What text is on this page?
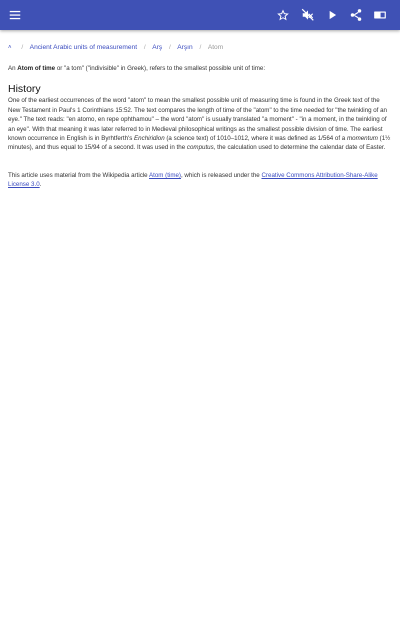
˄ / Ancient Arabic units of measurement / Arş / Arşın / Atom

An Atom of time or "a tom" ("indivisible" in Greek), refers to the smallest possible unit of time:

History

One of the earliest occurrences of the word "atom" to mean the smallest possible unit of measuring time is found in the Greek text of the New Testament in Paul's 1 Corinthians 15:52. The text compares the length of time of the "atom" to the time needed for "the twinkling of an eye." The text reads: "en atomo, en repe ophthamou" – the word "atom" is usually translated "a moment" - "in a moment, in the twinkling of an eye". With that meaning it was later referred to in Medieval philosophical writings as the smallest possible division of time. The earliest known occurrence in English is in Byrhtferth's Enchiridion (a science text) of 1010–1012, where it was defined as 1/564 of a momentum (1½ minutes), and thus equal to 15/94 of a second. It was used in the computus, the calculation used to determine the calendar date of Easter.

This article uses material from the Wikipedia article Atom (time), which is released under the Creative Commons Attribution-Share-Alike License 3.0.
